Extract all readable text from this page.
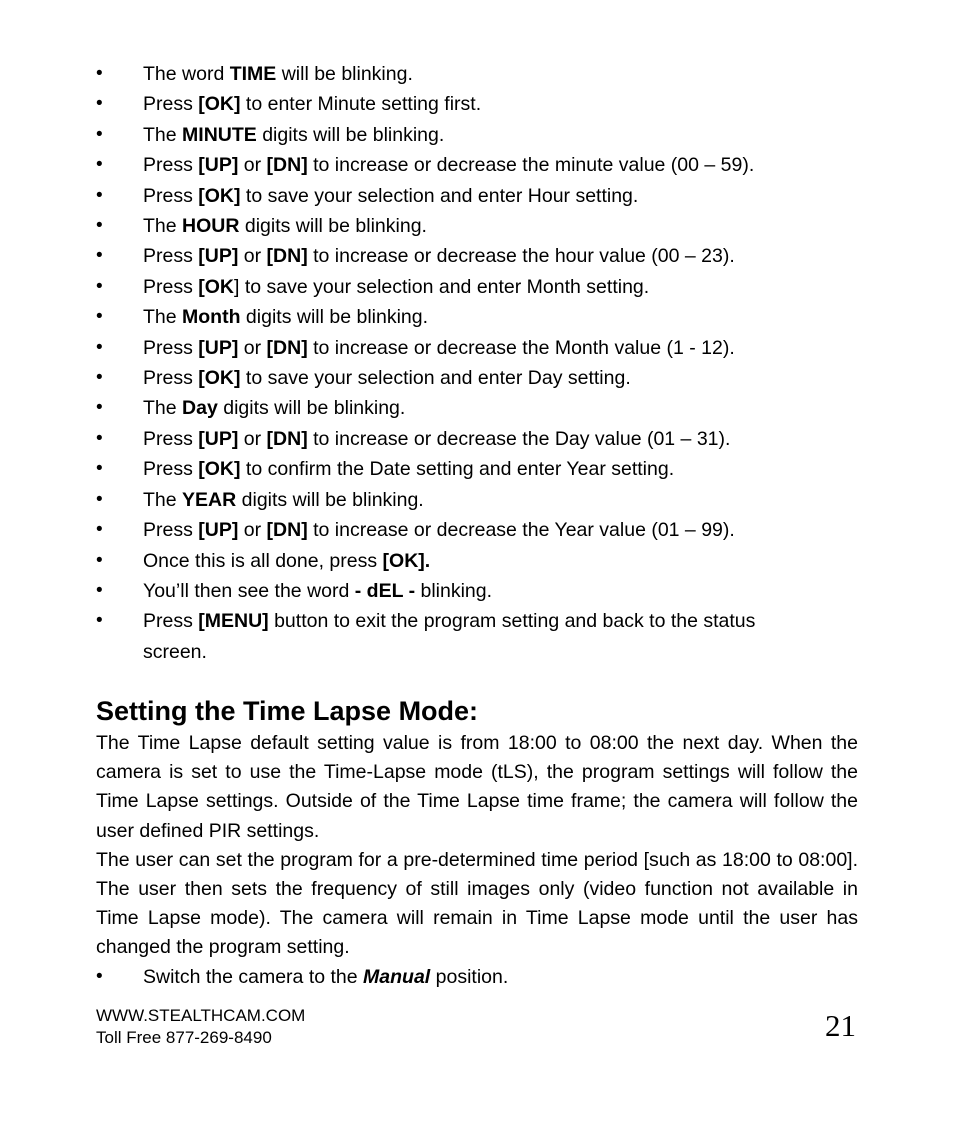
• The word TIME will be blinking.
• Press [OK] to enter Minute setting first.
• The MINUTE digits will be blinking.
• Press [UP] or [DN] to increase or decrease the minute value (00 – 59).
• Press [OK] to save your selection and enter Hour setting.
• The HOUR digits will be blinking.
• Press [UP] or [DN] to increase or decrease the hour value (00 – 23).
• Press [OK] to save your selection and enter Month setting.
• The Month digits will be blinking.
• Press [UP] or [DN] to increase or decrease the Month value (1 - 12).
• Press [OK] to save your selection and enter Day setting.
• The Day digits will be blinking.
• Press [UP] or [DN] to increase or decrease the Day value (01 – 31).
• Press [OK] to confirm the Date setting and enter Year setting.
• The YEAR digits will be blinking.
• Press [UP] or [DN] to increase or decrease the Year value (01 – 99).
• Once this is all done, press [OK].
• You’ll then see the word - dEL - blinking.
• Press [MENU] button to exit the program setting and back to the status
screen.
Setting the Time Lapse Mode:

The Time Lapse default setting value is from 18:00 to 08:00 the next day. When the camera is set to use the Time-Lapse mode (tLS), the program settings will follow the Time Lapse settings. Outside of the Time Lapse time frame; the camera will follow the user defined PIR settings.

The user can set the program for a pre-determined time period [such as 18:00 to 08:00]. The user then sets the frequency of still images only (video function not available in Time Lapse mode). The camera will remain in Time Lapse mode until the user has changed the program setting.

• Switch the camera to the Manual position.
WWW.STEALTHCAM.COM
Toll Free 877-269-8490	21
